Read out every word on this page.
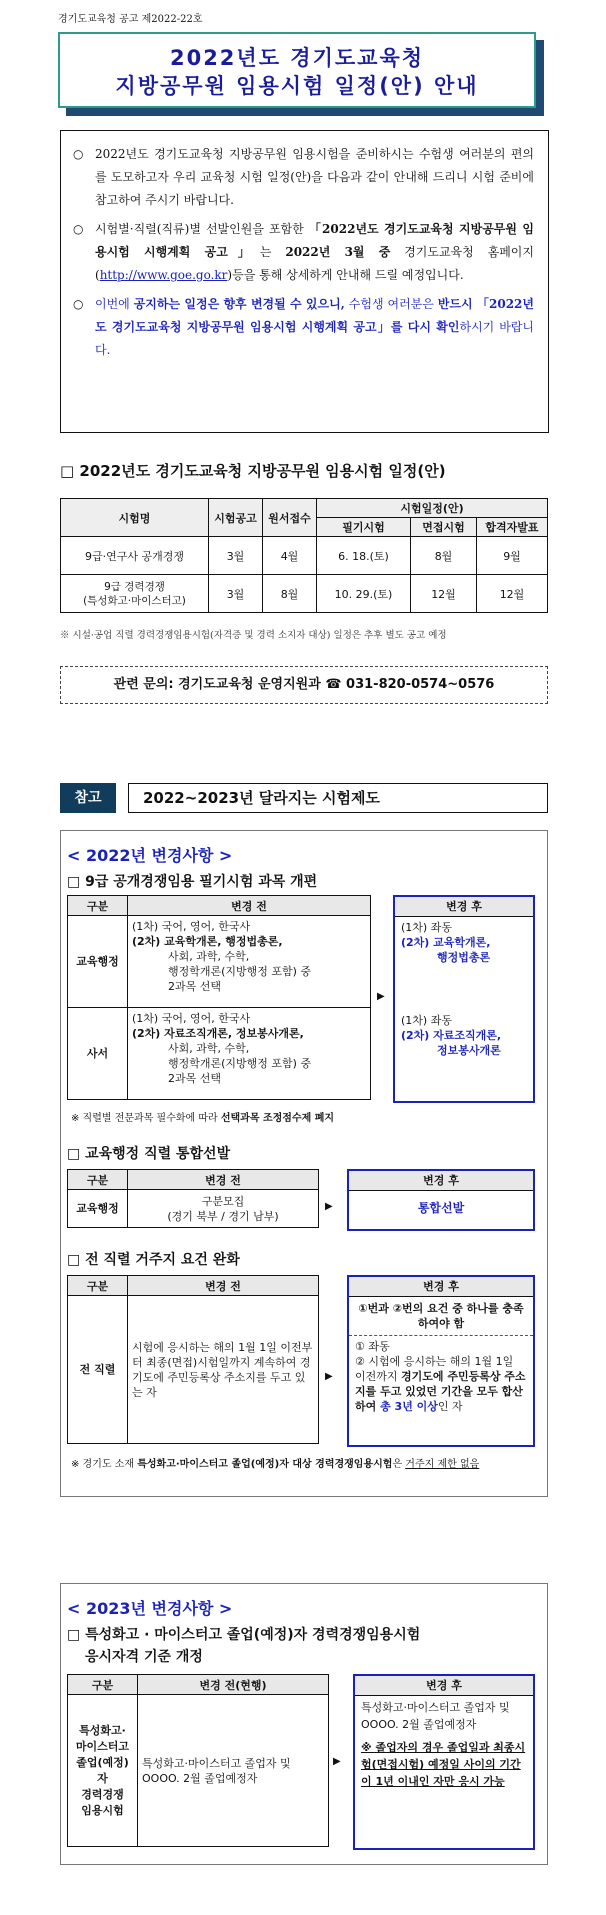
경기도교육청 공고 제2022-22호
2022년도 경기도교육청
지방공무원 임용시험 일정(안) 안내
○ 2022년도 경기도교육청 지방공무원 임용시험을 준비하시는 수험생 여러분의 편의를 도모하고자 우리 교육청 시험 일정(안)을 다음과 같이 안내해 드리니 시험 준비에 참고하여 주시기 바랍니다.
○ 시험별·직렬(직류)별 선발인원을 포함한 「2022년도 경기도교육청 지방공무원 임용시험 시행계획 공고」는 2022년 3월 중 경기도교육청 홈페이지(http://www.goe.go.kr)등을 통해 상세하게 안내해 드릴 예정입니다.
○ 이번에 공지하는 일정은 향후 변경될 수 있으니, 수험생 여러분은 반드시 「2022년도 경기도교육청 지방공무원 임용시험 시행계획 공고」를 다시 확인하시기 바랍니다.
□ 2022년도 경기도교육청 지방공무원 임용시험 일정(안)
시험명	시험공고	원서접수	시험일정(안)		
			필기시험	면접시험	합격자발표
9급·연구사 공개경쟁	3월	4월	6. 18.(토)	8월	9월

9급 경력경쟁
(특성화고·마이스터고)	3월	8월	10. 29.(토)	12월	12월
※ 시설·공업 직렬 경력경쟁임용시험(자격증 및 경력 소지자 대상) 일정은 추후 별도 공고 예정
관련 문의: 경기도교육청 운영지원과 ☎ 031-820-0574~0576
참고	2022~2023년 달라지는 시험제도
< 2022년 변경사항 >
□ 9급 공개경쟁임용 필기시험 과목 개편
구분	변경 전
교육행정	(1차) 국어, 영어, 한국사
(2차) 교육학개론, 행정법총론,
사회, 과학, 수학,
행정학개론(지방행정 포함) 중
2과목 선택

사서	(1차) 국어, 영어, 한국사
(2차) 자료조직개론, 정보봉사개론,
사회, 과학, 수학,
행정학개론(지방행정 포함) 중
2과목 선택
▶
변경 후
(1차) 좌동
(2차) 교육학개론,
행정법총론
(1차) 좌동
(2차) 자료조직개론,
정보봉사개론
※ 직렬별 전문과목 필수화에 따라 선택과목 조정점수제 폐지
□ 교육행정 직렬 통합선발
구분	변경 전
교육행정	구분모집
(경기 북부 / 경기 남부)
▶
변경 후
통합선발
□ 전 직렬 거주지 요건 완화
구분	변경 전
전 직렬	시험에 응시하는 해의 1월 1일 이전부터 최종(면접)시험일까지 계속하여 경기도에 주민등록상 주소지를 두고 있는 자
▶
변경 후
①번과 ②번의 요건 중 하나를 충족하여야 함
① 좌동
② 시험에 응시하는 해의 1월 1일 이전까지 경기도에 주민등록상 주소지를 두고 있었던 기간을 모두 합산하여 총 3년 이상인 자
※ 경기도 소재 특성화고·마이스터고 졸업(예정)자 대상 경력경쟁임용시험은 거주지 제한 없음
< 2023년 변경사항 >
□ 특성화고 · 마이스터고 졸업(예정)자 경력경쟁임용시험
응시자격 기준 개정
구분	변경 전(현행)

특성화고·
마이스터고
졸업(예정)자
경력경쟁
임용시험	특성화고·마이스터고 졸업자 및 OOOO. 2월 졸업예정자
▶
변경 후
특성화고·마이스터고 졸업자 및 OOOO. 2월 졸업예정자
※ 졸업자의 경우 졸업일과 최종시험(면접시험) 예정일 사이의 기간이 1년 이내인 자만 응시 가능
